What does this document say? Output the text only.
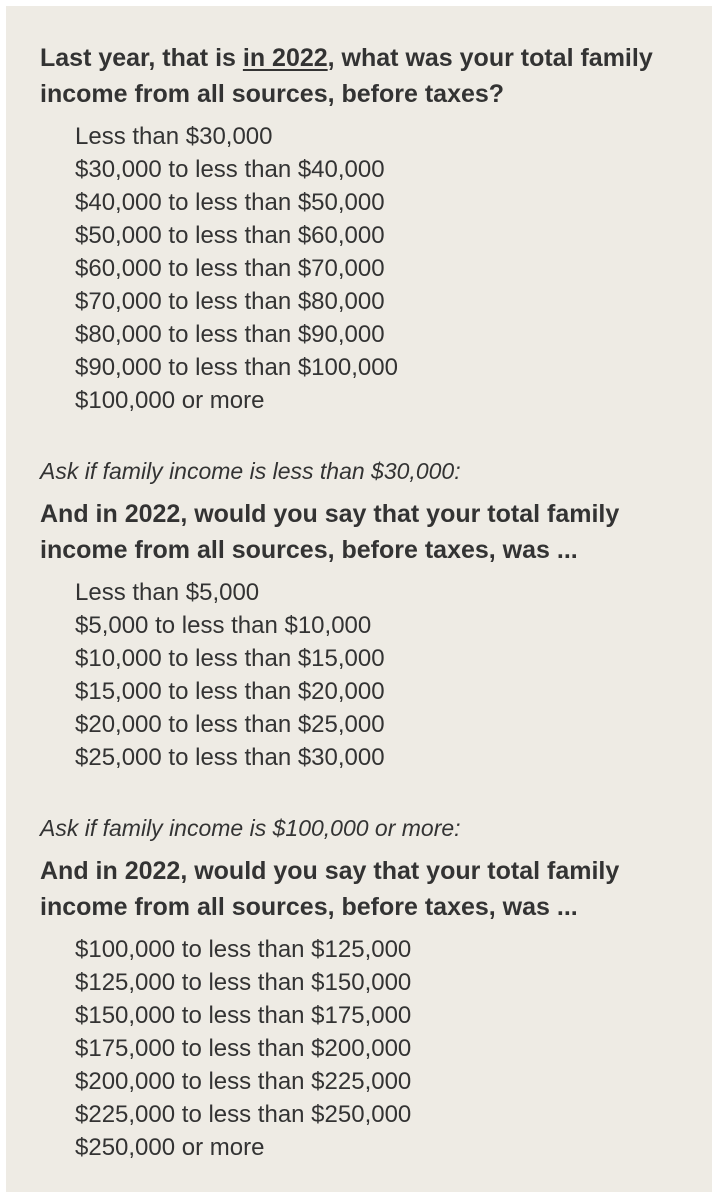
Last year, that is in 2022, what was your total family income from all sources, before taxes?

Less than $30,000
$30,000 to less than $40,000
$40,000 to less than $50,000
$50,000 to less than $60,000
$60,000 to less than $70,000
$70,000 to less than $80,000
$80,000 to less than $90,000
$90,000 to less than $100,000
$100,000 or more

Ask if family income is less than $30,000:

And in 2022, would you say that your total family income from all sources, before taxes, was ...

Less than $5,000
$5,000 to less than $10,000
$10,000 to less than $15,000
$15,000 to less than $20,000
$20,000 to less than $25,000
$25,000 to less than $30,000

Ask if family income is $100,000 or more:

And in 2022, would you say that your total family income from all sources, before taxes, was ...

$100,000 to less than $125,000
$125,000 to less than $150,000
$150,000 to less than $175,000
$175,000 to less than $200,000
$200,000 to less than $225,000
$225,000 to less than $250,000
$250,000 or more
